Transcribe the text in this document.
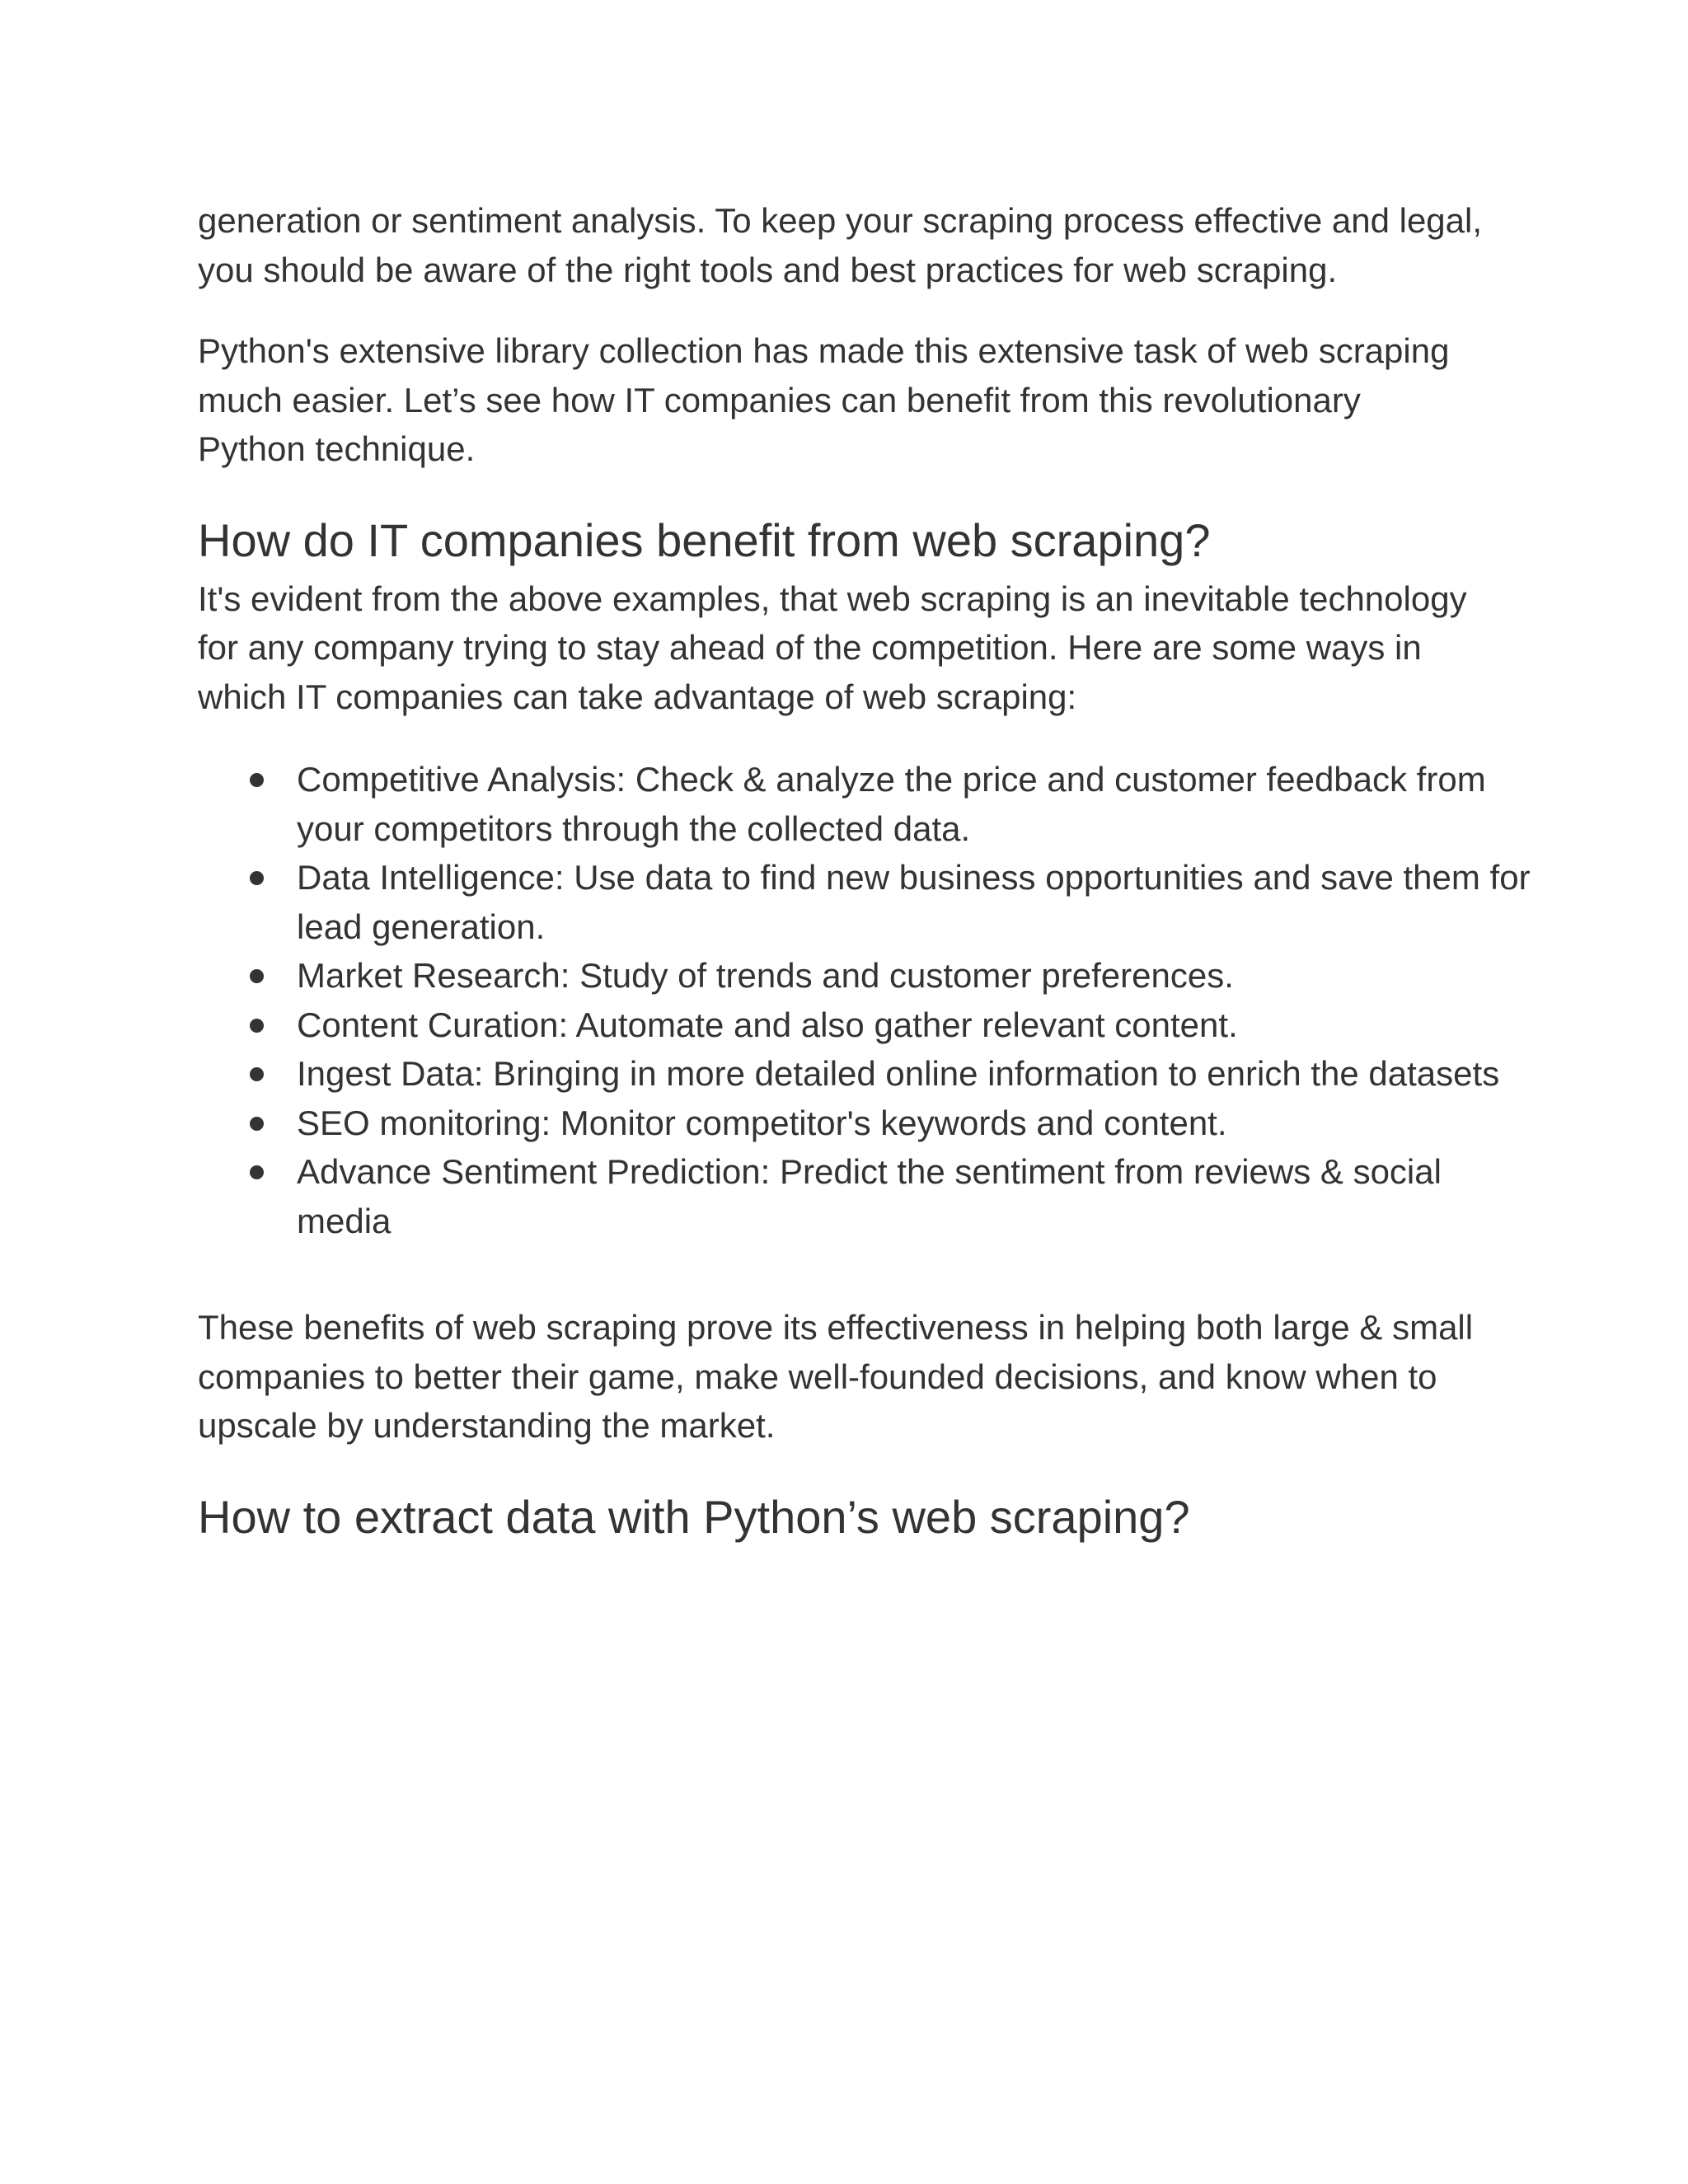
generation or sentiment analysis. To keep your scraping process effective and legal, you should be aware of the right tools and best practices for web scraping.

Python's extensive library collection has made this extensive task of web scraping much easier. Let’s see how IT companies can benefit from this revolutionary Python technique.

How do IT companies benefit from web scraping?

It's evident from the above examples, that web scraping is an inevitable technology for any company trying to stay ahead of the competition. Here are some ways in which IT companies can take advantage of web scraping:

Competitive Analysis: Check & analyze the price and customer feedback from your competitors through the collected data.
Data Intelligence: Use data to find new business opportunities and save them for lead generation.
Market Research: Study of trends and customer preferences.
Content Curation: Automate and also gather relevant content.
Ingest Data: Bringing in more detailed online information to enrich the datasets
SEO monitoring: Monitor competitor's keywords and content.
Advance Sentiment Prediction: Predict the sentiment from reviews & social media

These benefits of web scraping prove its effectiveness in helping both large & small companies to better their game, make well-founded decisions, and know when to upscale by understanding the market.

How to extract data with Python’s web scraping?
